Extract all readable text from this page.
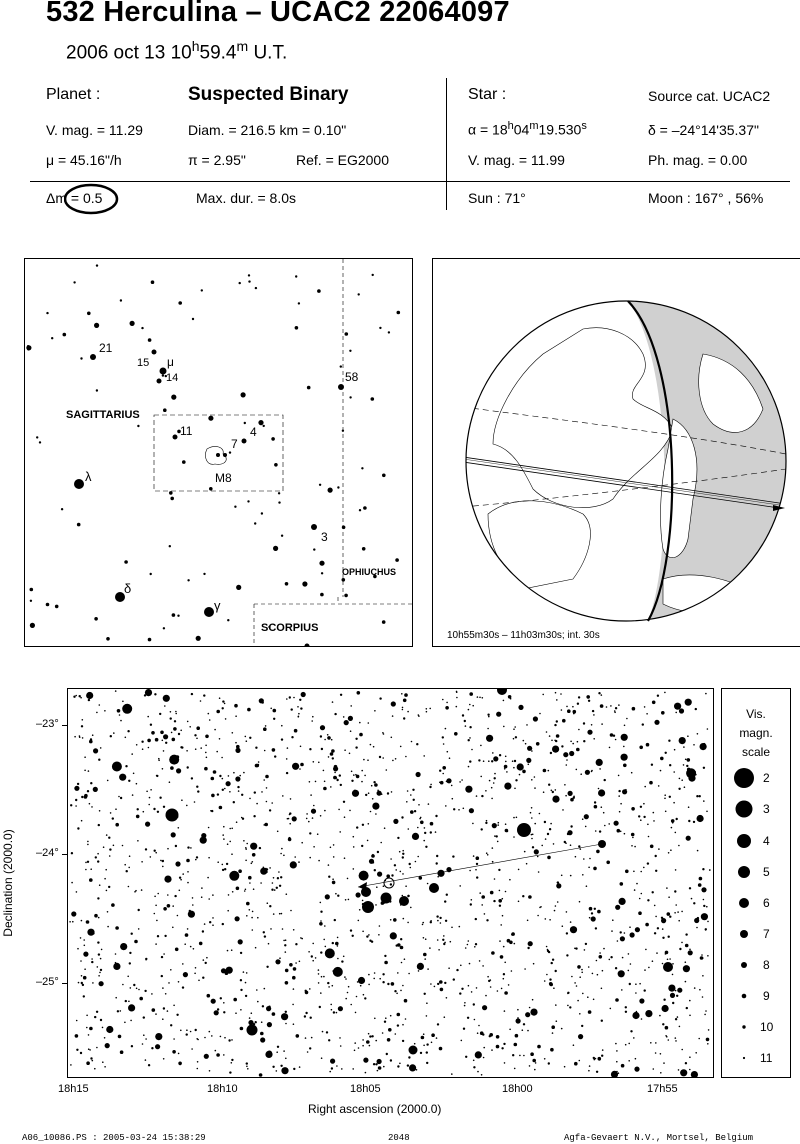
532 Herculina – UCAC2 22064097
2006 oct 13 10$^h$59.4$^m$ U.T.
Planet :	Suspected Binary
V. mag. = 11.29	Diam. = 216.5 km = 0.10"
μ = 45.16"/h	π = 2.95"	Ref. = EG2000
Δm = 0.5	Max. dur. = 8.0s
Star :	Source cat. UCAC2
$\alpha = 18^h04^m19.530^s$	δ = –24°14'35.37"
V. mag. = 11.99	Ph. mag. = 0.00
Sun : 71°	Moon : 167° , 56%
SAGITTARIUS
OPHIUCHUS
SCORPIUS
M8
21
15 μ
14	58
11
7
4
λ
3
δ
γ
10h55m30s – 11h03m30s; int. 30s
–23°
–24°
–25°
Declination (2000.0)
18h15	18h10	18h05	18h00	17h55
Right ascension (2000.0)
Vis.
magn.
scale
2
3
4
5
6
7
8
9
10
11
A06_10086.PS : 2005-03-24 15:38:29	2048	Agfa-Gevaert N.V., Mortsel, Belgium
